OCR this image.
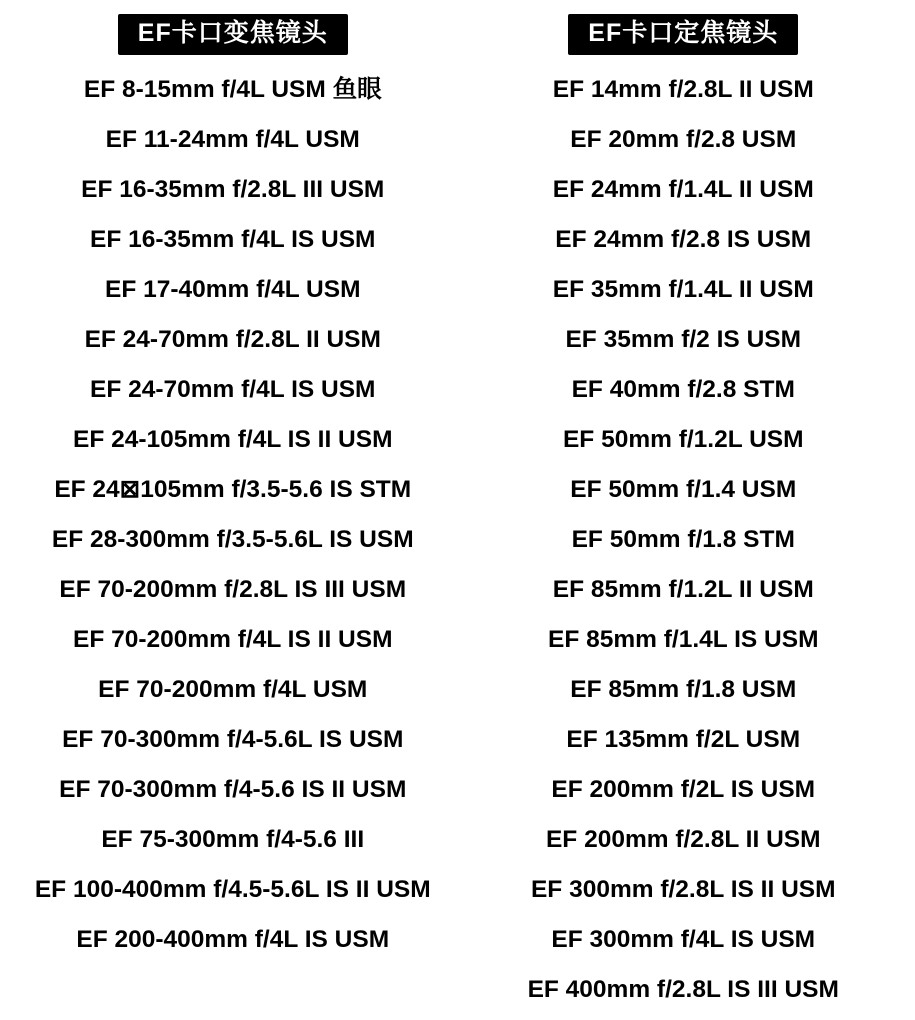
EF卡口变焦镜头
EF 8-15mm f/4L USM 鱼眼
EF 11-24mm f/4L USM
EF 16-35mm f/2.8L III USM
EF 16-35mm f/4L IS USM
EF 17-40mm f/4L USM
EF 24-70mm f/2.8L II USM
EF 24-70mm f/4L IS USM
EF 24-105mm f/4L IS II USM
EF 24⊠105mm f/3.5-5.6 IS STM
EF 28-300mm f/3.5-5.6L IS USM
EF 70-200mm f/2.8L IS III USM
EF 70-200mm f/4L IS II USM
EF 70-200mm f/4L USM
EF 70-300mm f/4-5.6L IS USM
EF 70-300mm f/4-5.6 IS II USM
EF 75-300mm f/4-5.6 III
EF 100-400mm f/4.5-5.6L IS II USM
EF 200-400mm f/4L IS USM
EF卡口定焦镜头
EF 14mm f/2.8L II USM
EF 20mm f/2.8 USM
EF 24mm f/1.4L II USM
EF 24mm f/2.8 IS USM
EF 35mm f/1.4L II USM
EF 35mm f/2 IS USM
EF 40mm f/2.8 STM
EF 50mm f/1.2L USM
EF 50mm f/1.4 USM
EF 50mm f/1.8 STM
EF 85mm f/1.2L II USM
EF 85mm f/1.4L IS USM
EF 85mm f/1.8 USM
EF 135mm f/2L USM
EF 200mm f/2L IS USM
EF 200mm f/2.8L II USM
EF 300mm f/2.8L IS II USM
EF 300mm f/4L IS USM
EF 400mm f/2.8L IS III USM
